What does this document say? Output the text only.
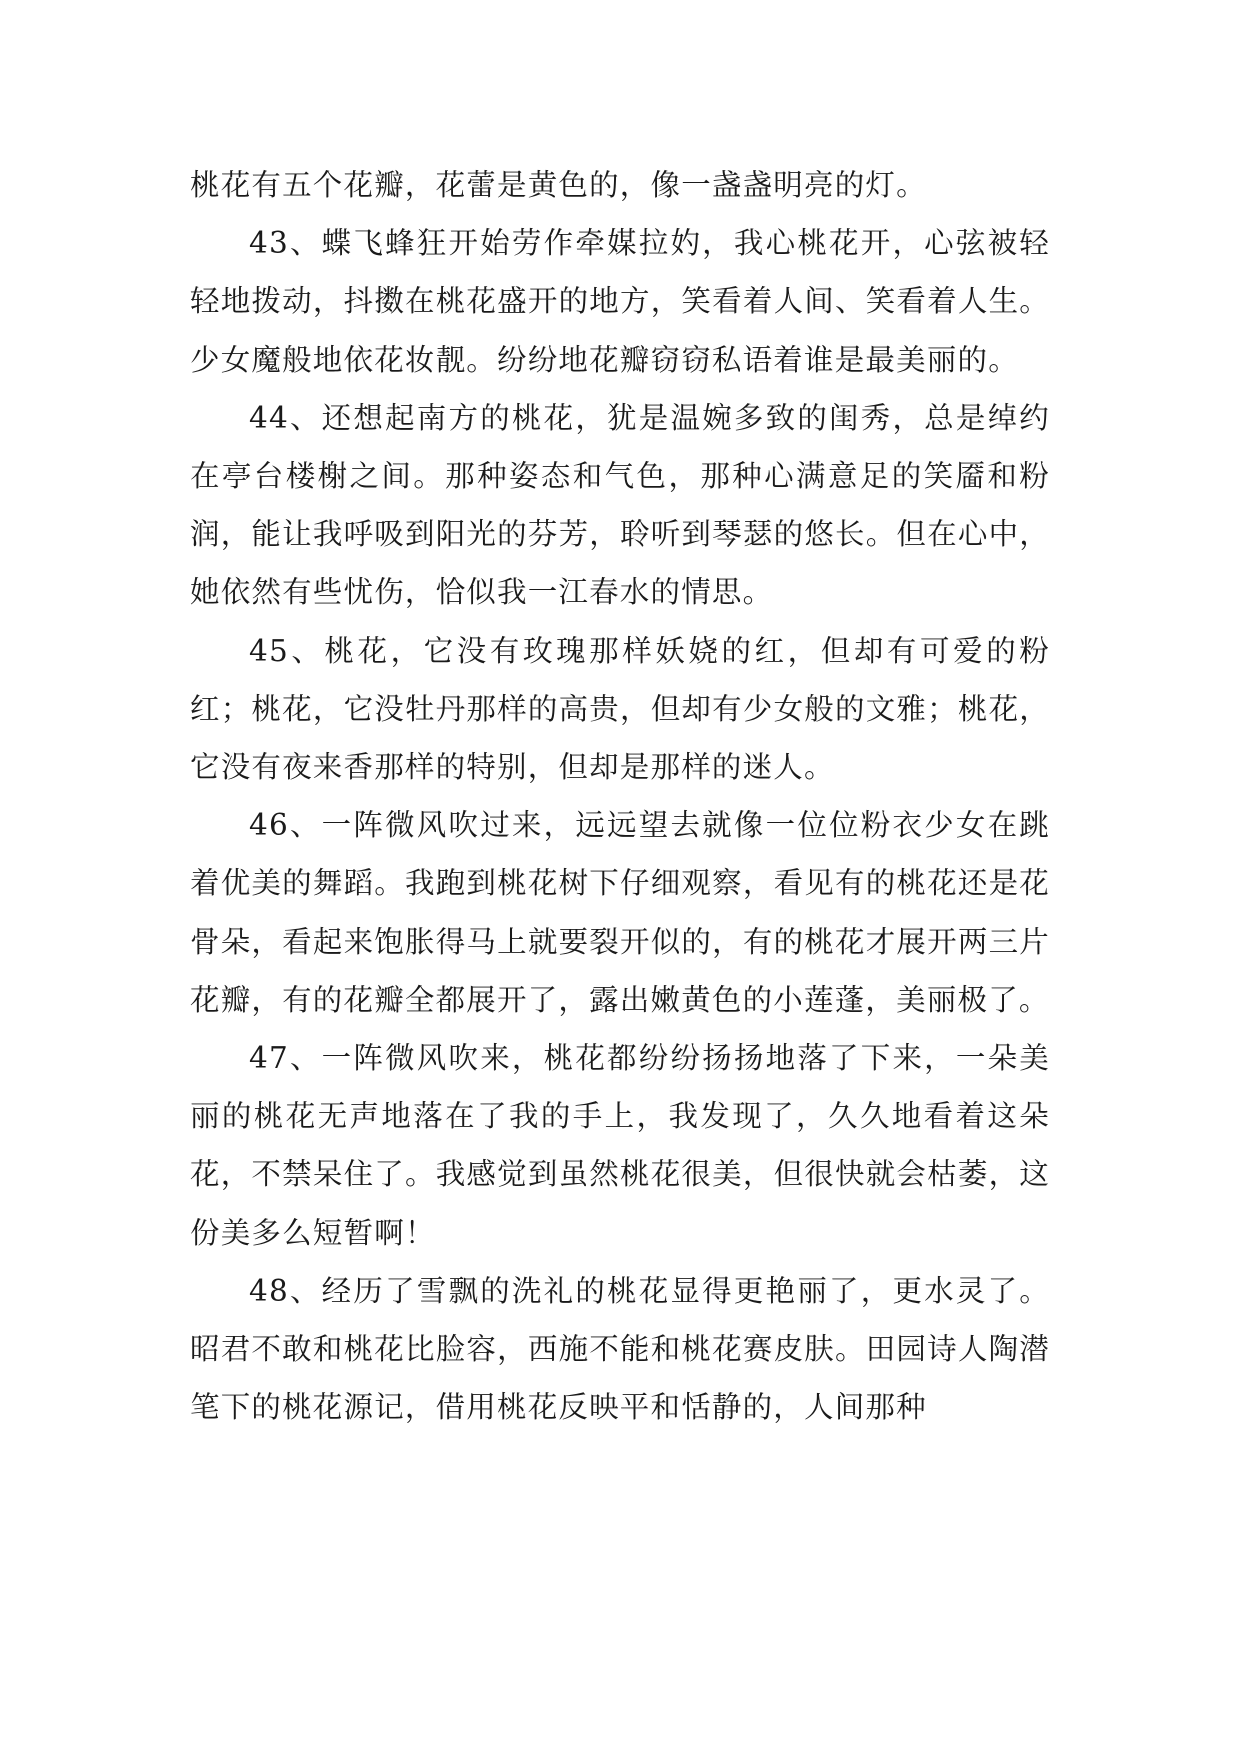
桃花有五个花瓣，花蕾是黄色的，像一盏盏明亮的灯。

43、蝶飞蜂狂开始劳作牵媒拉妁，我心桃花开，心弦被轻轻地拨动，抖擞在桃花盛开的地方，笑看着人间、笑看着人生。少女魔般地依花妆靓。纷纷地花瓣窃窃私语着谁是最美丽的。

44、还想起南方的桃花，犹是温婉多致的闺秀，总是绰约在亭台楼榭之间。那种姿态和气色，那种心满意足的笑靥和粉润，能让我呼吸到阳光的芬芳，聆听到琴瑟的悠长。但在心中，她依然有些忧伤，恰似我一江春水的情思。

45、桃花，它没有玫瑰那样妖娆的红，但却有可爱的粉红；桃花，它没牡丹那样的高贵，但却有少女般的文雅；桃花，它没有夜来香那样的特别，但却是那样的迷人。

46、一阵微风吹过来，远远望去就像一位位粉衣少女在跳着优美的舞蹈。我跑到桃花树下仔细观察，看见有的桃花还是花骨朵，看起来饱胀得马上就要裂开似的，有的桃花才展开两三片花瓣，有的花瓣全都展开了，露出嫩黄色的小莲蓬，美丽极了。

47、一阵微风吹来，桃花都纷纷扬扬地落了下来，一朵美丽的桃花无声地落在了我的手上，我发现了，久久地看着这朵花，不禁呆住了。我感觉到虽然桃花很美，但很快就会枯萎，这份美多么短暂啊！

48、经历了雪飘的洗礼的桃花显得更艳丽了，更水灵了。昭君不敢和桃花比脸容，西施不能和桃花赛皮肤。田园诗人陶潜笔下的桃花源记，借用桃花反映平和恬静的，人间那种
